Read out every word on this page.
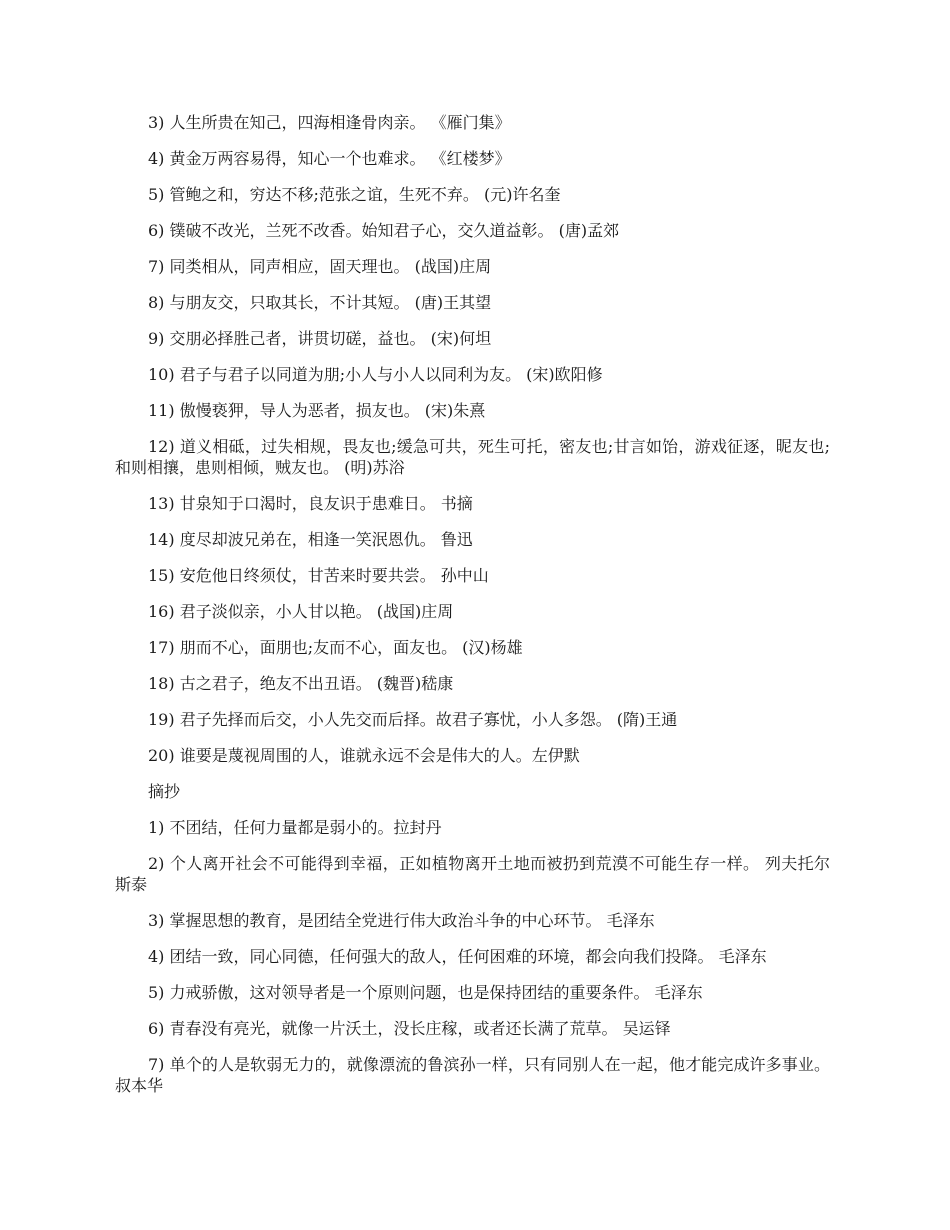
3) 人生所贵在知己，四海相逢骨肉亲。 《雁门集》

4) 黄金万两容易得，知心一个也难求。 《红楼梦》

5) 管鲍之和，穷达不移;范张之谊，生死不弃。 (元)许名奎

6) 镤破不改光，兰死不改香。始知君子心，交久道益彰。 (唐)孟郊

7) 同类相从，同声相应，固天理也。 (战国)庄周

8) 与朋友交，只取其长，不计其短。 (唐)王其望

9) 交朋必择胜己者，讲贯切磋，益也。 (宋)何坦

10) 君子与君子以同道为朋;小人与小人以同利为友。 (宋)欧阳修

11) 傲慢亵狎，导人为恶者，损友也。 (宋)朱熹

12) 道义相砥，过失相规，畏友也;缓急可共，死生可托，密友也;甘言如饴，游戏征逐，昵友也;和则相攘，患则相倾，贼友也。 (明)苏浴

13) 甘泉知于口渴时，良友识于患难日。 书摘

14) 度尽却波兄弟在，相逢一笑泯恩仇。 鲁迅

15) 安危他日终须仗，甘苦来时要共尝。 孙中山

16) 君子淡似亲，小人甘以艳。 (战国)庄周

17) 朋而不心，面朋也;友而不心，面友也。 (汉)杨雄

18) 古之君子，绝友不出丑语。 (魏晋)嵇康

19) 君子先择而后交，小人先交而后择。故君子寡忧，小人多怨。 (隋)王通

20) 谁要是蔑视周围的人，谁就永远不会是伟大的人。左伊默

摘抄

1) 不团结，任何力量都是弱小的。拉封丹

2) 个人离开社会不可能得到幸福，正如植物离开土地而被扔到荒漠不可能生存一样。 列夫托尔斯泰

3) 掌握思想的教育，是团结全党进行伟大政治斗争的中心环节。 毛泽东

4) 团结一致，同心同德，任何强大的敌人，任何困难的环境，都会向我们投降。 毛泽东

5) 力戒骄傲，这对领导者是一个原则问题，也是保持团结的重要条件。 毛泽东

6) 青春没有亮光，就像一片沃土，没长庄稼，或者还长满了荒草。 吴运铎

7) 单个的人是软弱无力的，就像漂流的鲁滨孙一样，只有同别人在一起，他才能完成许多事业。叔本华
